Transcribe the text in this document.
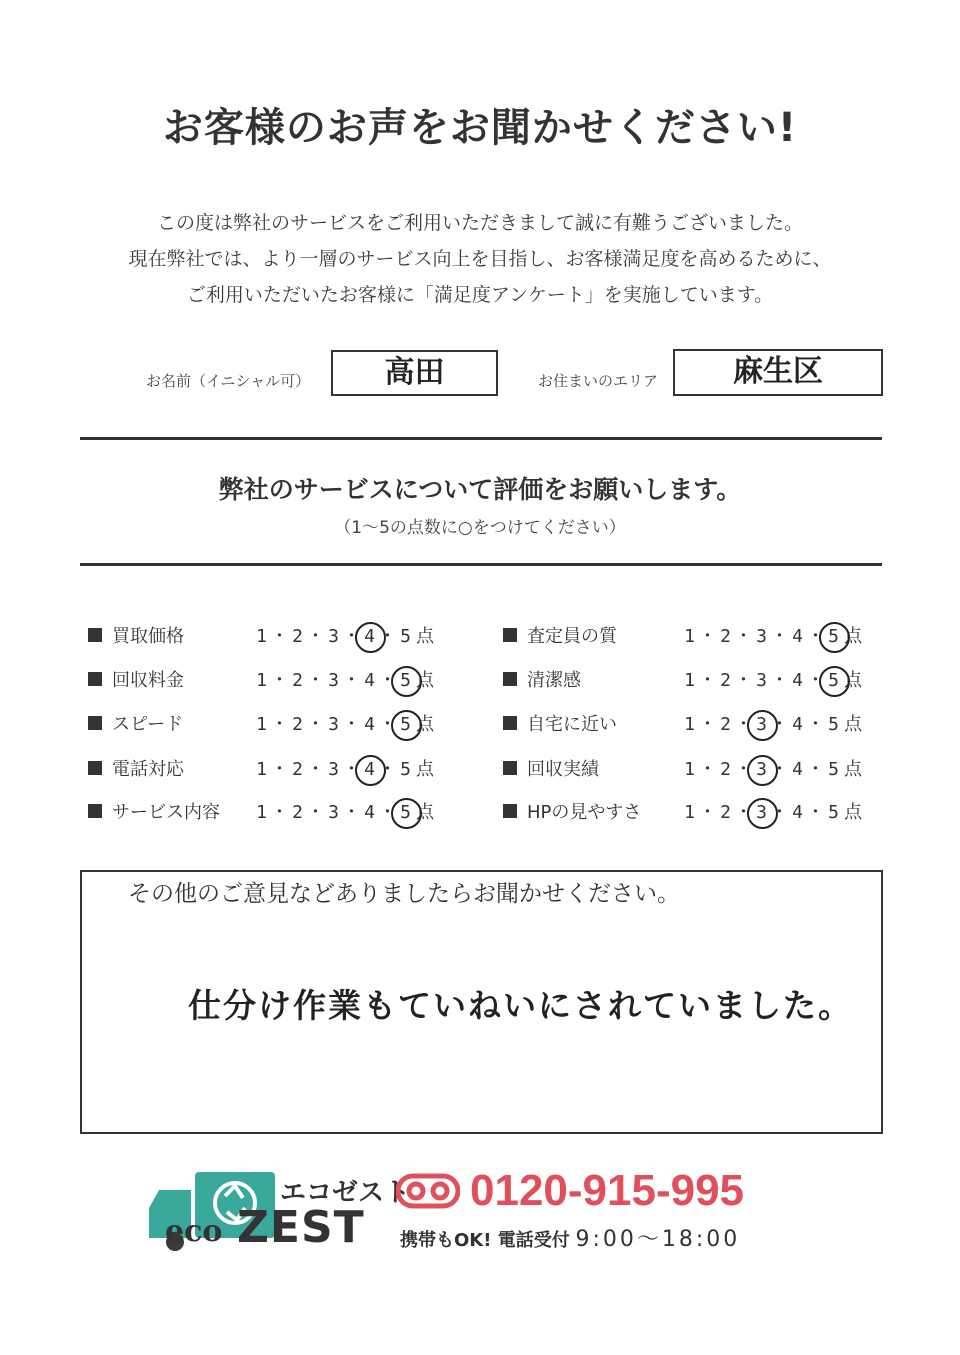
お客様のお声をお聞かせください!
この度は弊社のサービスをご利用いただきまして誠に有難うございました。
現在弊社では、より一層のサービス向上を目指し、お客様満足度を高めるために、
ご利用いただいたお客様に「満足度アンケート」を実施しています。
お名前（イニシャル可）	高田	お住まいのエリア	麻生区
弊社のサービスについて評価をお願いします。
（1〜5の点数に○をつけてください）
買取価格	1 ･ 2 ･ 3 ･ 4 ･ 5 点
回収料金	1 ･ 2 ･ 3 ･ 4 ･ 5 点
スピード	1 ･ 2 ･ 3 ･ 4 ･ 5 点
電話対応	1 ･ 2 ･ 3 ･ 4 ･ 5 点
サービス内容 1 ･ 2 ･ 3 ･ 4 ･ 5 点
査定員の質	1 ･ 2 ･ 3 ･ 4 ･ 5 点
清潔感	1 ･ 2 ･ 3 ･ 4 ･ 5 点
自宅に近い	1 ･ 2 ･ 3 ･ 4 ･ 5 点
回収実績	1 ･ 2 ･ 3 ･ 4 ･ 5 点
HPの見やすさ 1 ･ 2 ･ 3 ･ 4 ･ 5 点
その他のご意見などありましたらお聞かせください。
仕分け作業もていねいにされていました。
エコゼスト
eco ZEST
0120-915-995
携帯もOK! 電話受付 9:00〜18:00
